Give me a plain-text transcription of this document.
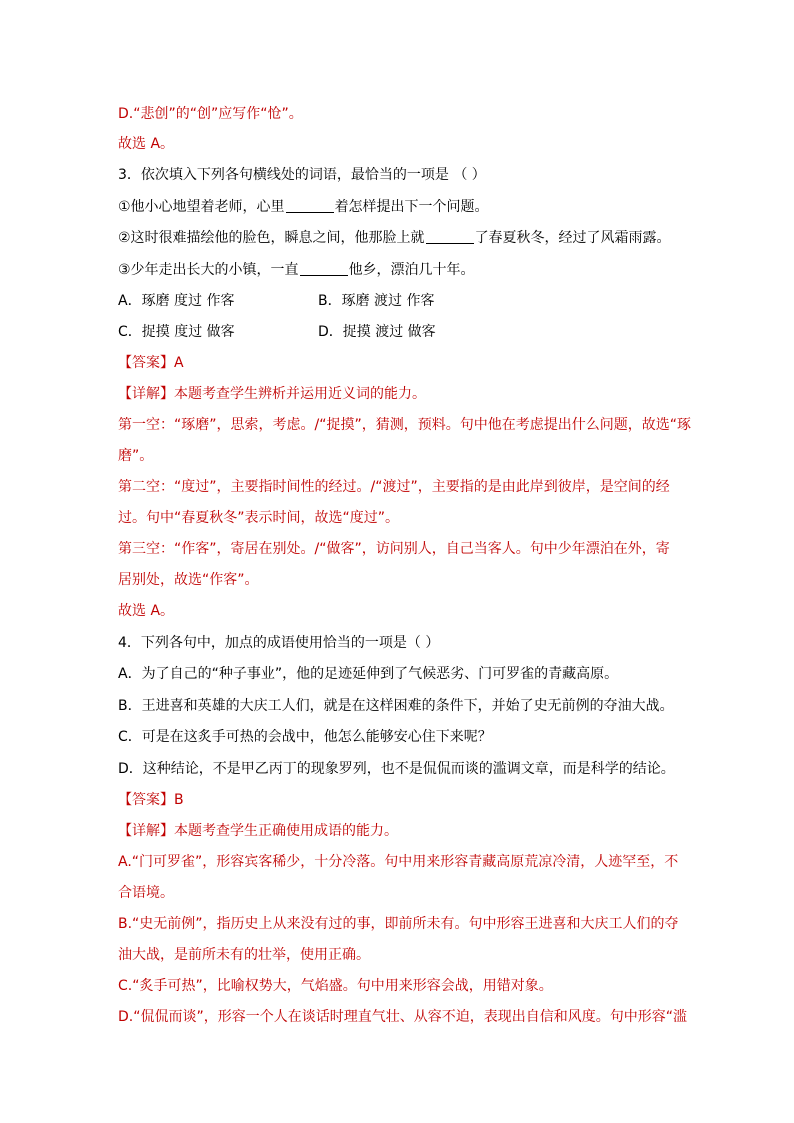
D.“悲创”的“创”应写作“怆”。
故选 A。
3．依次填入下列各句横线处的词语，最恰当的一项是 （ ）
①他小心地望着老师，心里	着怎样提出下一个问题。
②这时很难描绘他的脸色，瞬息之间，他那脸上就	了春夏秋冬，经过了风霜雨露。
③少年走出长大的小镇，一直	他乡，漂泊几十年。
A．琢磨 度过 作客	B．琢磨 渡过 作客
C．捉摸 度过 做客	D．捉摸 渡过 做客
【答案】A
【详解】本题考查学生辨析并运用近义词的能力。
第一空：“琢磨”，思索，考虑。/“捉摸”，猜测，预料。句中他在考虑提出什么问题，故选“琢
磨”。
第二空：“度过”，主要指时间性的经过。/“渡过”，主要指的是由此岸到彼岸，是空间的经
过。句中“春夏秋冬”表示时间，故选“度过”。
第三空：“作客”，寄居在别处。/“做客”，访问别人，自己当客人。句中少年漂泊在外，寄
居别处，故选“作客”。
故选 A。
4．下列各句中，加点的成语使用恰当的一项是（ ）
A．为了自己的“种子事业”，他的足迹延伸到了气候恶劣、门可罗雀的青藏高原。
B．王进喜和英雄的大庆工人们，就是在这样困难的条件下，并始了史无前例的夺油大战。
C．可是在这炙手可热的会战中，他怎么能够安心住下来呢？
D．这种结论，不是甲乙丙丁的现象罗列，也不是侃侃而谈的滥调文章，而是科学的结论。
【答案】B
【详解】本题考查学生正确使用成语的能力。
A.“门可罗雀”，形容宾客稀少，十分冷落。句中用来形容青藏高原荒凉冷清，人迹罕至，不
合语境。
B.“史无前例”，指历史上从来没有过的事，即前所未有。句中形容王进喜和大庆工人们的夺
油大战，是前所未有的壮举，使用正确。
C.“炙手可热”，比喻权势大，气焰盛。句中用来形容会战，用错对象。
D.“侃侃而谈”，形容一个人在谈话时理直气壮、从容不迫，表现出自信和风度。句中形容“滥
